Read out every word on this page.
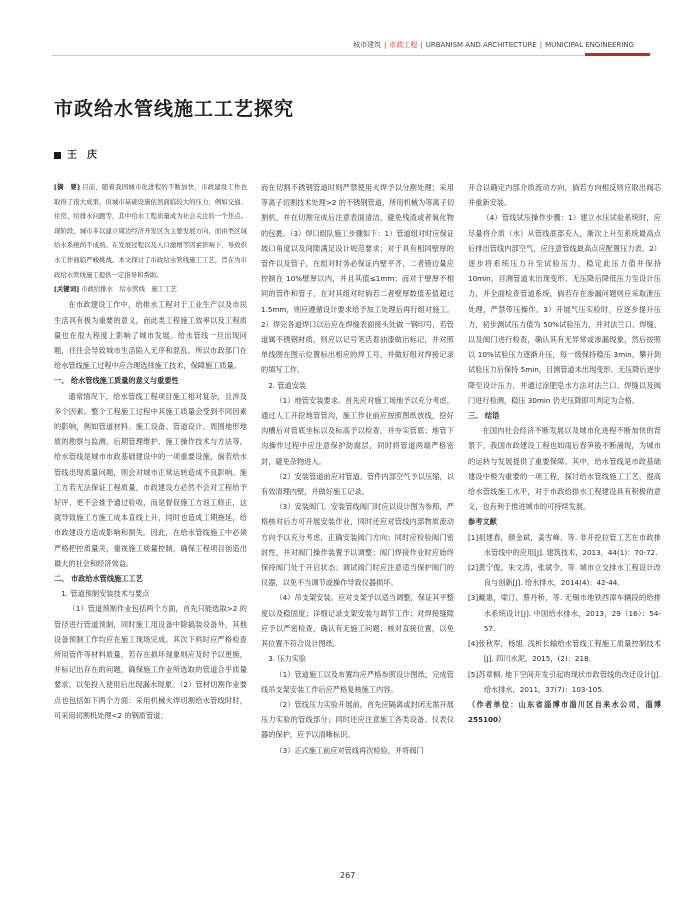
城市建筑 | 市政工程 | URBANISM AND ARCHITECTURE | MUNICIPAL ENGINEERING
市政给水管线施工工艺探究
王　庆

[摘　要] 目前，随着我国城市化进程的不断加快，市政建设工作也取得了很大成果，但城市基础设施依然面临较大的压力，例如交通、住房、给排水问题等，其中给水工程质量成为社会关注的一个焦点。现阶段，城市多以建立周边经济开发区为主要发展方向，而由类区域给水系统尚不成熟。在发展过程以及人口激增等因素影响下，导致供水工作面临严峻挑战。本文探讨了市政给水管线施工工艺，旨在为市政给水管线施工提供一定指导和帮助。

[关键词] 市政给排水　给水管线　施工工艺

在市政建设工作中，给排水工程对于工业生产以及市民生活具有极为重要的意义，而此类工程施工效率以及工程质量也在很大程度上影响了城市发展。给水管线一旦出现问题，往往会导致城市生活陷入无序和混乱。所以市政部门在给水管线施工过程中应合理选择施工技术，保障施工质量。

一、 给水管线施工质量的意义与重要性

通常情况下，给水管线工程项目施工相对复杂，且涉及多个因素。整个工程施工过程中其施工质量会受到不同因素的影响，例如管道材料、施工设备、管道设计、周围地形地质的勘察与监测、后期管理维护、施工操作技术与方法等。给水管线是城市市政基础建设中的一项重要设施，倘若给水管线出现质量问题，则会对城市正常运转造成不良影响。施工方若无法保证工程质量，市政建设方必然不会对工程给予好评，更不会推予通过验收，而是督促施工方返工修正，这就导致施工方施工成本直线上升，同时也造成工期拖延，给市政建设方造成影响和损失。因此，在给水管线施工中必须严格把控质量关，重视施工质量控制，确保工程项目创造出最大的社会和经济效益。

二、 市政给水管线施工工艺

1. 管道预制安装技术与要点

（1）管道预制作业包括两个方面，首先只能选取>2 的管径进行管道预制，同时施工用设备中除搞装设备外，其他设备预制工作均应在施工现场完成。其次下料时应严格检查所用管件等材料质量，若存在损坏现象则应及时予以更换，并标记出存在的问题，确保施工作业所选取的管道合乎质量要求，以免投入使用后出现漏水现象。（2）管材切割作业要点也包括如下两个方面：采用机械火焊切割给水管线时时，可采用切割机处理<2 的钢质管道；

而在切割不锈钢管道时则严禁使用火焊予以分割处理；采用等离子切割技术处理>2 的不锈钢管道，所用机械为等离子切割机，并在切割完成后注意表面清洁，避免残渣或者氧化物的包裹。（3）焊口组队施工步骤如下：1）管道组对时应保证坡口角度以及间隙满足设计规范要求；对于具有相同壁厚的管件以及管子，在组对时务必保证内壁平齐，二者错边量应控制在 10%壁厚以内，并且其值≤1mm；而对于壁厚不相同的管件和管子，在对其组对时倘若二者壁厚数值差值超过 1.5mm，则应遵循设计要求给予加工处理后再行组对施工。2）焊完各道焊口以后应在焊缝表面接头处做一钢印号，若管道属不锈钢材质，则应以记号笔活着油漆做出标记，并对照单线图在图示位置标出相应的焊工号，并做好组对焊接记录的填写工作。

2. 管道安装

（1）地管安装要求。首先应对施工场地予以充分考虑，通过人工开挖地管管沟，施工作业前应按照图纸放线，挖好沟槽后对管底坐标以及标高予以检查，并夯实管底；地管下沟操作过程中应注意保护防腐层，同时将管道两端严格密封，避免杂物进入。

（2）安装管道前应对管道、管件内部空气予以压缩，以有效清理内壁，并做好施工记录。

（3）安装阀门。安装管线阀门时应以设计图为参照，严格核对后方可开展安装作业，同时还应对管线内部物质流动方向予以充分考虑，正确安装阀门方向；同时应检验阀门密封性，并对阀门操作装置予以调整；阀门焊接作业时应始终保持阀门处于开启状态；调试阀门时应注意适当保护阀门的仪器，以免不当调节或操作导致仪器损坏。

（4）吊支架安装。应对支架予以适当调整，保证其平整度以及稳固度；详细记录支架安装与调节工作；对焊接缝隙应予以严密检查，确认有无施工问题；核对直接位置，以免其位置不符合设计图纸。

3. 压力实验

（1）管道施工以及布置均应严格参照设计图纸，完成管线吊支架安装工作后应严格复核施工内容。

（2）管线压力实验开展前，首先应隔离或封闭无需开展压力实验的管线部分；同时还应注意施工各类设备、仪表仪器的保护，应予以清晰标识。

（3）正式施工前应对管线再次检验，并将阀门

开合以确定内部介质流动方向，倘若方向相反则应取出阀芯并重新安装。

（4）管线试压操作步骤：1）建立水压试验系统时，应尽量将介质（水）从管线底部充入，渐次上升至系统最高点后排出管线内部空气，应注意管线最高点应配置压力表。2）逐步将系统压力升至试验压力，稳定此压力值并保持 10min，目测管道未出现变形、无压降后降低压力至设计压力，并全面检查管道系统，倘若存在渗漏问题则应采取泄压处理，严禁带压操作。3）开展气压实验时，应逐步提升压力，初步测试压力值为 50%试验压力，并对法兰口、焊缝、以及阀门进行检查，确认其有无异常或渗漏现象，然后按照以 10%试验压力逐渐升压，每一级保持稳压 3min，攀升到试验压力后保持 5min，目测管道未出现变形、无压降后逐步降至设计压力，并通过涂肥皂水方法对法兰口、焊缝以及阀门进行检测，稳压 30min 仍无压降即可判定为合格。

三、 结语

在国内社会经济不断发展以及城市化进程不断加快的背景下，我国市政建设工程也如雨后春笋般不断涌现，为城市的运转与发展提供了重要保障。其中，给水管线是市政基础建设中极为重要的一项工程，探讨给水管线施工工艺，提高给水管线施工水平，对于市政给排水工程建设具有积极的意义，也有利于推进城市的可持续发展。

参考文献

[1]祖建春，颜金斌，姜雪峰，等. 非开挖拉管工艺在市政排水管线中的应用[J]. 建筑技术，2013，44(1)：70-72.

[2]黄宁俊，朱文涛，张斌令，等. 城市立交排水工程设计改良与创新[J]. 给水排水，2014(4)：42-44.

[3]戴惠，梁汀，蔡丹桥，等. 无锡市地铁西漳车辆段的给排水系统设计[J]. 中国给水排水，2013，29（16）：54-57.

[4]张秋军，杨旭. 浅析长输给水管线工程施工质量控制技术[J]. 四川水泥，2015，(2)：218.

[5]苏章桐. 地下空间开发引起的现状市政管线的改迁设计[J]. 给水排水，2011，37(7)：103-105.

（作者单位：山东省淄博市淄川区自来水公司，淄博 255100）

267
